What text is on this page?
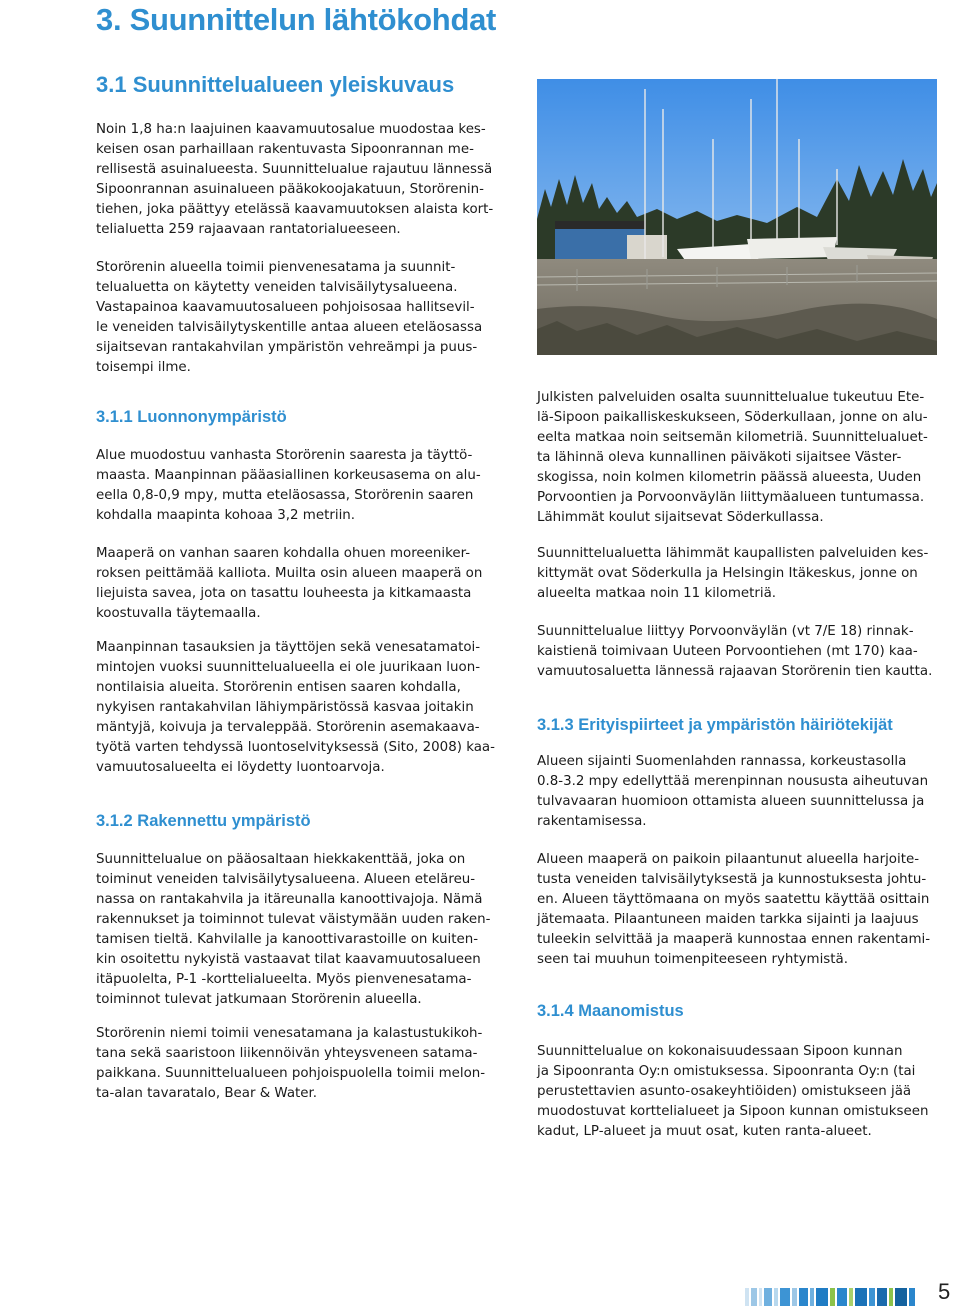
3. Suunnittelun lähtökohdat
3.1 Suunnittelualueen yleiskuvaus

Noin 1,8 ha:n laajuinen kaavamuutosalue muodostaa kes-
keisen osan parhaillaan rakentuvasta Sipoonrannan me-
rellisestä asuinalueesta. Suunnittelualue rajautuu lännessä
Sipoonrannan asuinalueen pääkokoojakatuun, Storörenin-
tiehen, joka päättyy etelässä kaavamuutoksen alaista kort-
telialuetta 259 rajaavaan rantatorialueeseen.

Storörenin alueella toimii pienvenesatama ja suunnit-
telualuetta on käytetty veneiden talvisäilytysalueena.
Vastapainoa kaavamuutosalueen pohjoisosaa hallitsevil-
le veneiden talvisäilytyskentille antaa alueen eteläosassa
sijaitsevan rantakahvilan ympäristön vehreämpi ja puus-
toisempi ilme.

3.1.1 Luonnonympäristö

Alue muodostuu vanhasta Storörenin saaresta ja täyttö-
maasta. Maanpinnan pääasiallinen korkeusasema on alu-
eella 0,8-0,9 mpy, mutta eteläosassa, Storörenin saaren
kohdalla maapinta kohoaa 3,2 metriin.

Maaperä on vanhan saaren kohdalla ohuen moreeniker-
roksen peittämää kalliota. Muilta osin alueen maaperä on
liejuista savea, jota on tasattu louheesta ja kitkamaasta
koostuvalla täytemaalla.

Maanpinnan tasauksien ja täyttöjen sekä venesatamatoi-
mintojen vuoksi suunnittelualueella ei ole juurikaan luon-
nontilaisia alueita. Storörenin entisen saaren kohdalla,
nykyisen rantakahvilan lähiympäristössä kasvaa joitakin
mäntyjä, koivuja ja tervaleppää. Storörenin asemakaava-
työtä varten tehdyssä luontoselvityksessä (Sito, 2008) kaa-
vamuutosalueelta ei löydetty luontoarvoja.

3.1.2 Rakennettu ympäristö

Suunnittelualue on pääosaltaan hiekkakenttää, joka on
toiminut veneiden talvisäilytysalueena. Alueen eteläreu-
nassa on rantakahvila ja itäreunalla kanoottivajoja. Nämä
rakennukset ja toiminnot tulevat väistymään uuden raken-
tamisen tieltä. Kahvilalle ja kanoottivarastoille on kuiten-
kin osoitettu nykyistä vastaavat tilat kaavamuutosalueen
itäpuolelta, P-1 -korttelialueelta. Myös pienvenesatama-
toiminnot tulevat jatkumaan Storörenin alueella.

Storörenin niemi toimii venesatamana ja kalastustukikoh-
tana sekä saaristoon liikennöivän yhteysveneen satama-
paikkana. Suunnittelualueen pohjoispuolella toimii melon-
ta-alan tavaratalo, Bear & Water.

Julkisten palveluiden osalta suunnittelualue tukeutuu Ete-
lä-Sipoon paikalliskeskukseen, Söderkullaan, jonne on alu-
eelta matkaa noin seitsemän kilometriä. Suunnittelualuet-
ta lähinnä oleva kunnallinen päiväkoti sijaitsee Väster-
skogissa, noin kolmen kilometrin päässä alueesta, Uuden
Porvoontien ja Porvoonväylän liittymäalueen tuntumassa.
Lähimmät koulut sijaitsevat Söderkullassa.

Suunnittelualuetta lähimmät kaupallisten palveluiden kes-
kittymät ovat Söderkulla ja Helsingin Itäkeskus, jonne on
alueelta matkaa noin 11 kilometriä.

Suunnittelualue liittyy Porvoonväylän (vt 7/E 18) rinnak-
kaistienä toimivaan Uuteen Porvoontiehen (mt 170) kaa-
vamuutosaluetta lännessä rajaavan Storörenin tien kautta.

3.1.3 Erityispiirteet ja ympäristön häiriötekijät

Alueen sijainti Suomenlahden rannassa, korkeustasolla
0.8-3.2 mpy edellyttää merenpinnan noususta aiheutuvan
tulvavaaran huomioon ottamista alueen suunnittelussa ja
rakentamisessa.

Alueen maaperä on paikoin pilaantunut alueella harjoite-
tusta veneiden talvisäilytyksestä ja kunnostuksesta johtu-
en. Alueen täyttömaana on myös saatettu käyttää osittain
jätemaata. Pilaantuneen maiden tarkka sijainti ja laajuus
tuleekin selvittää ja maaperä kunnostaa ennen rakentami-
seen tai muuhun toimenpiteeseen ryhtymistä.

3.1.4 Maanomistus

Suunnittelualue on kokonaisuudessaan Sipoon kunnan
ja Sipoonranta Oy:n omistuksessa. Sipoonranta Oy:n (tai
perustettavien asunto-osakeyhtiöiden) omistukseen jää
muodostuvat korttelialueet ja Sipoon kunnan omistukseen
kadut, LP-alueet ja muut osat, kuten ranta-alueet.

5
